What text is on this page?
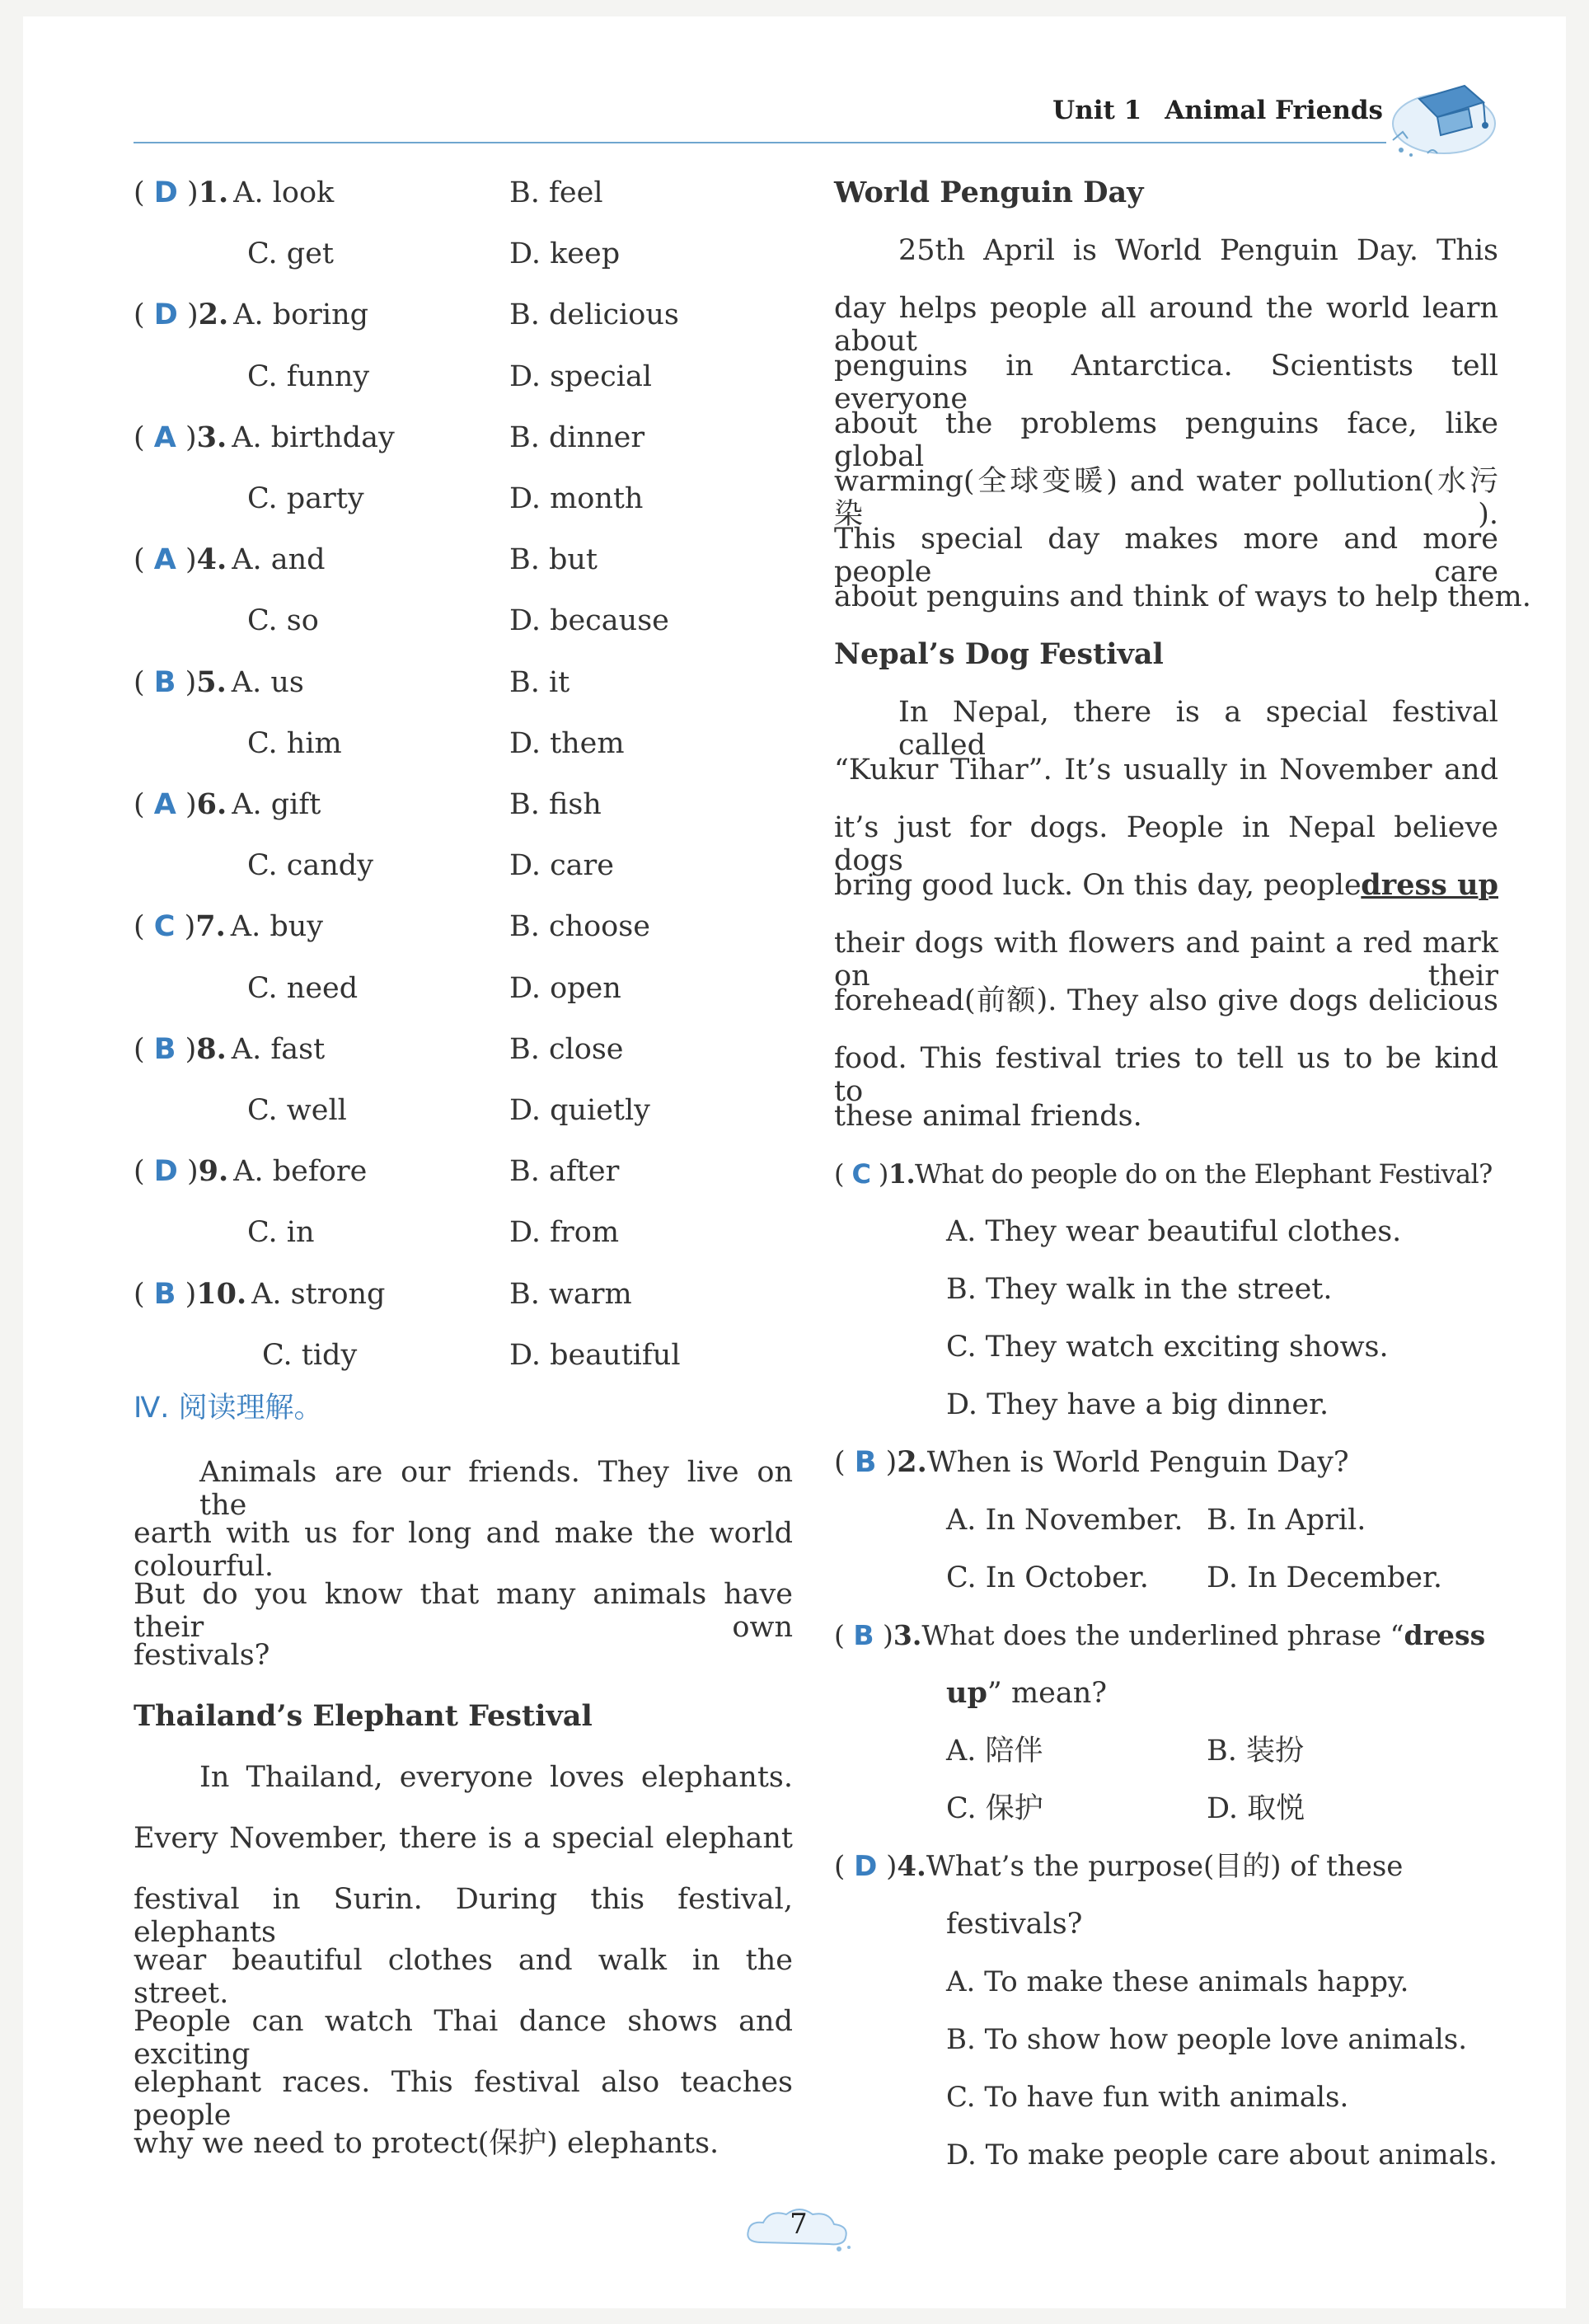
Unit 1 Animal Friends
( D )1. A. look	B. feel
C. get	D. keep
( D )2. A. boring	B. delicious
C. funny	D. special
( A )3. A. birthday	B. dinner
C. party	D. month
( A )4. A. and	B. but
C. so	D. because
( B )5. A. us	B. it
C. him	D. them
( A )6. A. gift	B. fish
C. candy	D. care
( C )7. A. buy	B. choose
C. need	D. open
( B )8. A. fast	B. close
C. well	D. quietly
( D )9. A. before	B. after
C. in	D. from
( B )10. A. strong	B. warm
C. tidy	D. beautiful
Ⅳ. 阅读理解。
Animals are our friends. They live on the
earth with us for long and make the world colourful.
But do you know that many animals have their own
festivals?
Thailand’s Elephant Festival
In Thailand, everyone loves elephants.
Every November, there is a special elephant
festival in Surin. During this festival, elephants
wear beautiful clothes and walk in the street.
People can watch Thai dance shows and exciting
elephant races. This festival also teaches people
why we need to protect(保护) elephants.
World Penguin Day
25th April is World Penguin Day. This
day helps people all around the world learn about
penguins in Antarctica. Scientists tell everyone
about the problems penguins face, like global
warming(全球变暖) and water pollution(水污染).
This special day makes more and more people care
about penguins and think of ways to help them.
Nepal’s Dog Festival
In Nepal, there is a special festival called
“Kukur Tihar”. It’s usually in November and
it’s just for dogs. People in Nepal believe dogs
bring good luck. On this day, people dress up
their dogs with flowers and paint a red mark on their
forehead(前额). They also give dogs delicious
food. This festival tries to tell us to be kind to
these animal friends.
( C )1.What do people do on the Elephant Festival?
A. They wear beautiful clothes.
B. They walk in the street.
C. They watch exciting shows.
D. They have a big dinner.
( B )2.When is World Penguin Day?
A. In November. B. In April.
C. In October. D. In December.
( B )3.What does the underlined phrase “dress
up” mean?
A. 陪伴	B. 装扮
C. 保护	D. 取悦
( D )4.What’s the purpose(目的) of these
festivals?
A. To make these animals happy.
B. To show how people love animals.
C. To have fun with animals.
D. To make people care about animals.
7
